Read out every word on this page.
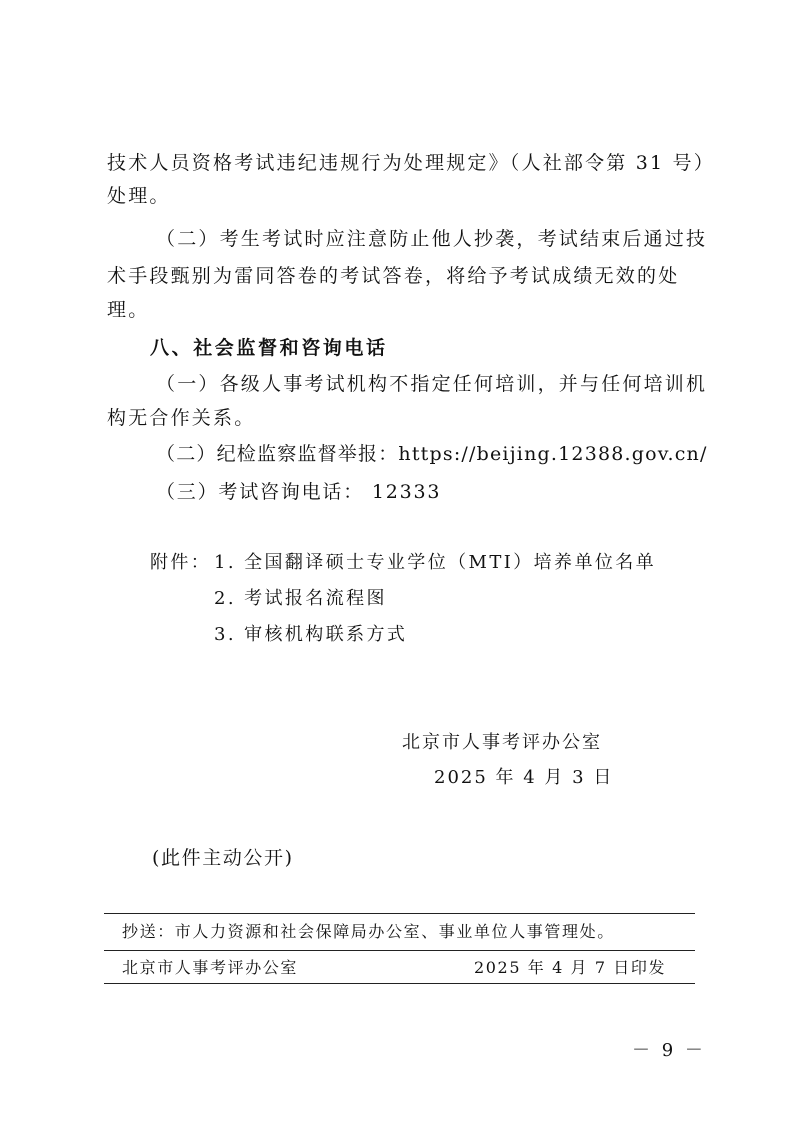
技术人员资格考试违纪违规行为处理规定》（人社部令第 31 号）
处理。
（二）考生考试时应注意防止他人抄袭，考试结束后通过技
术手段甄别为雷同答卷的考试答卷，将给予考试成绩无效的处
理。
八、社会监督和咨询电话
（一）各级人事考试机构不指定任何培训，并与任何培训机
构无合作关系。
（二）纪检监察监督举报：https://beijing.12388.gov.cn/
（三）考试咨询电话： 12333
附件： 1. 全国翻译硕士专业学位（MTI）培养单位名单
2. 考试报名流程图
3. 审核机构联系方式
北京市人事考评办公室
2025 年 4 月 3 日
(此件主动公开)
抄送：市人力资源和社会保障局办公室、事业单位人事管理处。
北京市人事考评办公室	2025 年 4 月 7 日印发
－ 9 －
